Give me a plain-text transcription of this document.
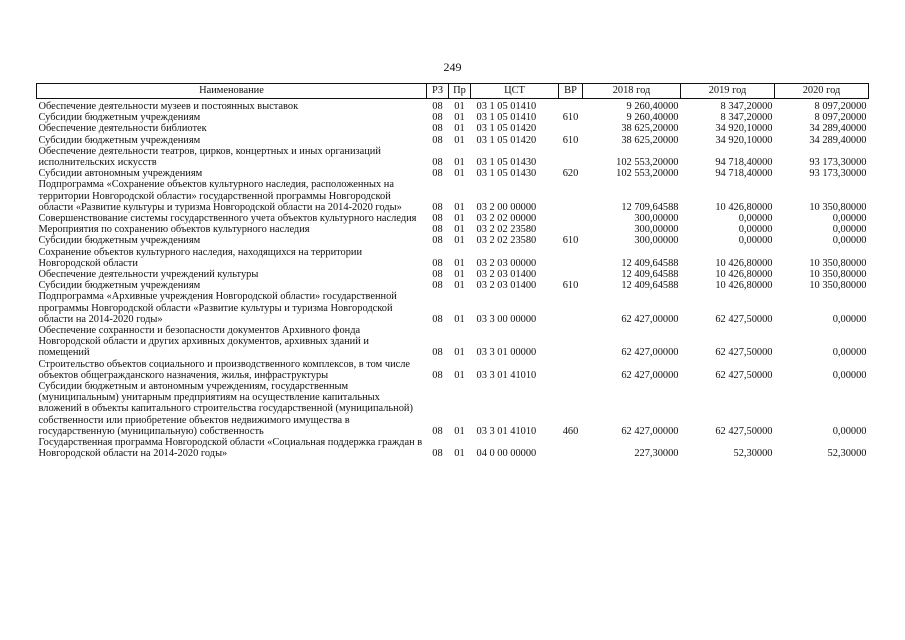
249
Наименование	РЗ	Пр	ЦСТ	ВР	2018 год	2019 год	2020 год
Обеспечение деятельности музеев и постоянных выставок	08	01	03 1 05 01410		9 260,40000	8 347,20000	8 097,20000
Субсидии бюджетным учреждениям	08	01	03 1 05 01410	610	9 260,40000	8 347,20000	8 097,20000
Обеспечение деятельности библиотек	08	01	03 1 05 01420		38 625,20000	34 920,10000	34 289,40000
Субсидии бюджетным учреждениям	08	01	03 1 05 01420	610	38 625,20000	34 920,10000	34 289,40000
Обеспечение деятельности театров, цирков, концертных и иных организаций исполнительских искусств	08	01	03 1 05 01430		102 553,20000	94 718,40000	93 173,30000
Субсидии автономным учреждениям	08	01	03 1 05 01430	620	102 553,20000	94 718,40000	93 173,30000
Подпрограмма «Сохранение объектов культурного наследия, расположенных на территории Новгородской области» государственной программы Новгородской области «Развитие культуры и туризма Новгородской области на 2014-2020 годы»	08	01	03 2 00 00000		12 709,64588	10 426,80000	10 350,80000
Совершенствование системы государственного учета объектов культурного наследия	08	01	03 2 02 00000		300,00000	0,00000	0,00000
Мероприятия по сохранению объектов культурного наследия	08	01	03 2 02 23580		300,00000	0,00000	0,00000
Субсидии бюджетным учреждениям	08	01	03 2 02 23580	610	300,00000	0,00000	0,00000
Сохранение объектов культурного наследия, находящихся на территории Новгородской области	08	01	03 2 03 00000		12 409,64588	10 426,80000	10 350,80000
Обеспечение деятельности учреждений культуры	08	01	03 2 03 01400		12 409,64588	10 426,80000	10 350,80000
Субсидии бюджетным учреждениям	08	01	03 2 03 01400	610	12 409,64588	10 426,80000	10 350,80000
Подпрограмма «Архивные учреждения Новгородской области» государственной программы Новгородской области «Развитие культуры и туризма Новгородской области на 2014-2020 годы»	08	01	03 3 00 00000		62 427,00000	62 427,50000	0,00000
Обеспечение сохранности и безопасности документов Архивного фонда Новгородской области и других архивных документов, архивных зданий и помещений	08	01	03 3 01 00000		62 427,00000	62 427,50000	0,00000
Строительство объектов социального и производственного комплексов, в том числе объектов общегражданского назначения, жилья, инфраструктуры	08	01	03 3 01 41010		62 427,00000	62 427,50000	0,00000
Субсидии бюджетным и автономным учреждениям, государственным (муниципальным) унитарным предприятиям на осуществление капитальных вложений в объекты капитального строительства государственной (муниципальной) собственности или приобретение объектов недвижимого имущества в государственную (муниципальную) собственность	08	01	03 3 01 41010	460	62 427,00000	62 427,50000	0,00000
Государственная программа Новгородской области «Социальная поддержка граждан в Новгородской области на 2014-2020 годы»	08	01	04 0 00 00000		227,30000	52,30000	52,30000
